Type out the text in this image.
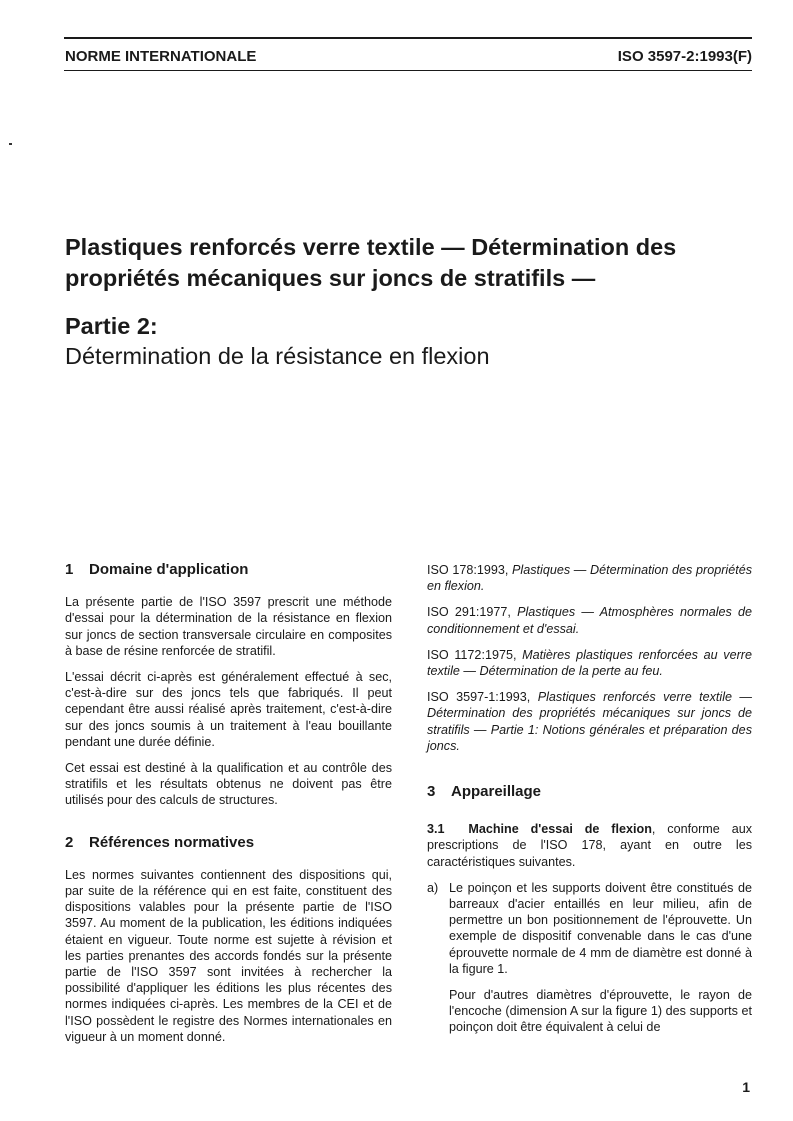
NORME INTERNATIONALE	ISO 3597-2:1993(F)
Plastiques renforcés verre textile — Détermination des
propriétés mécaniques sur joncs de stratifils —
Partie 2:
Détermination de la résistance en flexion
1 Domaine d'application

La présente partie de l'ISO 3597 prescrit une méthode d'essai pour la détermination de la résistance en flexion sur joncs de section transversale circulaire en composites à base de résine renforcée de stratifil.

L'essai décrit ci-après est généralement effectué à sec, c'est-à-dire sur des joncs tels que fabriqués. Il peut cependant être aussi réalisé après traitement, c'est-à-dire sur des joncs soumis à un traitement à l'eau bouillante pendant une durée définie.

Cet essai est destiné à la qualification et au contrôle des stratifils et les résultats obtenus ne doivent pas être utilisés pour des calculs de structures.

2 Références normatives

Les normes suivantes contiennent des dispositions qui, par suite de la référence qui en est faite, constituent des dispositions valables pour la présente partie de l'ISO 3597. Au moment de la publication, les éditions indiquées étaient en vigueur. Toute norme est sujette à révision et les parties prenantes des accords fondés sur la présente partie de l'ISO 3597 sont invitées à rechercher la possibilité d'appliquer les éditions les plus récentes des normes indiquées ci-après. Les membres de la CEI et de l'ISO possèdent le registre des Normes internationales en vigueur à un moment donné.

ISO 178:1993, Plastiques — Détermination des propriétés en flexion.

ISO 291:1977, Plastiques — Atmosphères normales de conditionnement et d'essai.

ISO 1172:1975, Matières plastiques renforcées au verre textile — Détermination de la perte au feu.

ISO 3597-1:1993, Plastiques renforcés verre textile — Détermination des propriétés mécaniques sur joncs de stratifils — Partie 1: Notions générales et préparation des joncs.

3 Appareillage

3.1 Machine d'essai de flexion, conforme aux prescriptions de l'ISO 178, ayant en outre les caractéristiques suivantes.

a) Le poinçon et les supports doivent être constitués de barreaux d'acier entaillés en leur milieu, afin de permettre un bon positionnement de l'éprouvette. Un exemple de dispositif convenable dans le cas d'une éprouvette normale de 4 mm de diamètre est donné à la figure 1.

Pour d'autres diamètres d'éprouvette, le rayon de l'encoche (dimension A sur la figure 1) des supports et poinçon doit être équivalent à celui de

1
